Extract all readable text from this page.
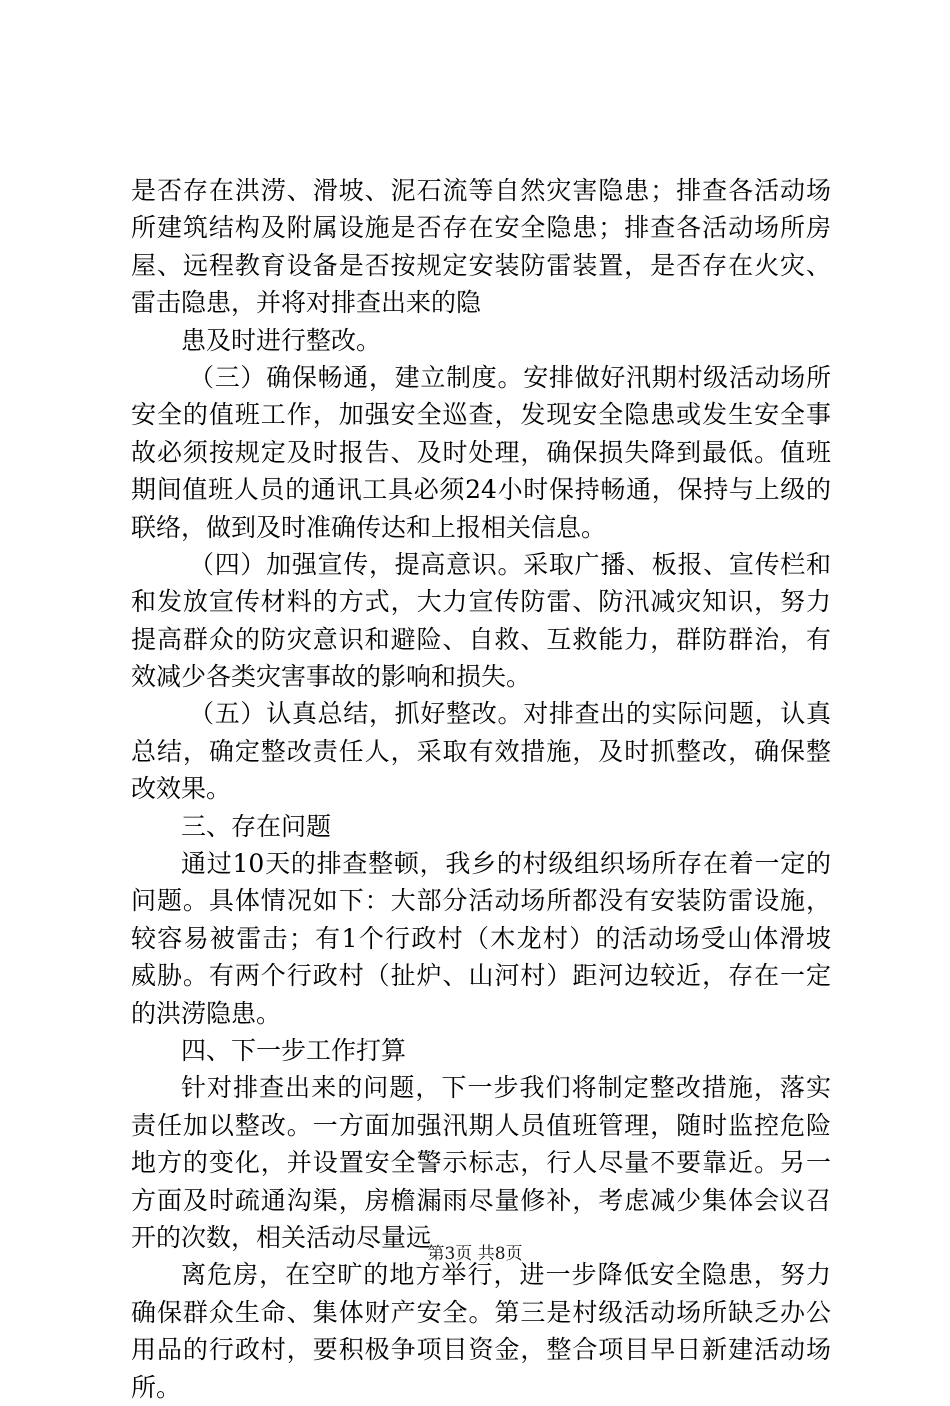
是否存在洪涝、滑坡、泥石流等自然灾害隐患；排查各活动场
所建筑结构及附属设施是否存在安全隐患；排查各活动场所房
屋、远程教育设备是否按规定安装防雷装置，是否存在火灾、
雷击隐患，并将对排查出来的隐
患及时进行整改。
（三）确保畅通，建立制度。安排做好汛期村级活动场所
安全的值班工作，加强安全巡查，发现安全隐患或发生安全事
故必须按规定及时报告、及时处理，确保损失降到最低。值班
期间值班人员的通讯工具必须24小时保持畅通，保持与上级的
联络，做到及时准确传达和上报相关信息。
（四）加强宣传，提高意识。采取广播、板报、宣传栏和
和发放宣传材料的方式，大力宣传防雷、防汛减灾知识，努力
提高群众的防灾意识和避险、自救、互救能力，群防群治，有
效减少各类灾害事故的影响和损失。
（五）认真总结，抓好整改。对排查出的实际问题，认真
总结，确定整改责任人，采取有效措施，及时抓整改，确保整
改效果。
三、存在问题
通过10天的排查整顿，我乡的村级组织场所存在着一定的
问题。具体情况如下：大部分活动场所都没有安装防雷设施，
较容易被雷击；有1个行政村（木龙村）的活动场受山体滑坡
威胁。有两个行政村（扯炉、山河村）距河边较近，存在一定
的洪涝隐患。
四、下一步工作打算
针对排查出来的问题，下一步我们将制定整改措施，落实
责任加以整改。一方面加强汛期人员值班管理，随时监控危险
地方的变化，并设置安全警示标志，行人尽量不要靠近。另一
方面及时疏通沟渠，房檐漏雨尽量修补，考虑减少集体会议召
开的次数，相关活动尽量远
离危房，在空旷的地方举行，进一步降低安全隐患，努力
确保群众生命、集体财产安全。第三是村级活动场所缺乏办公
用品的行政村，要积极争项目资金，整合项目早日新建活动场
所。
第3页 共8页
